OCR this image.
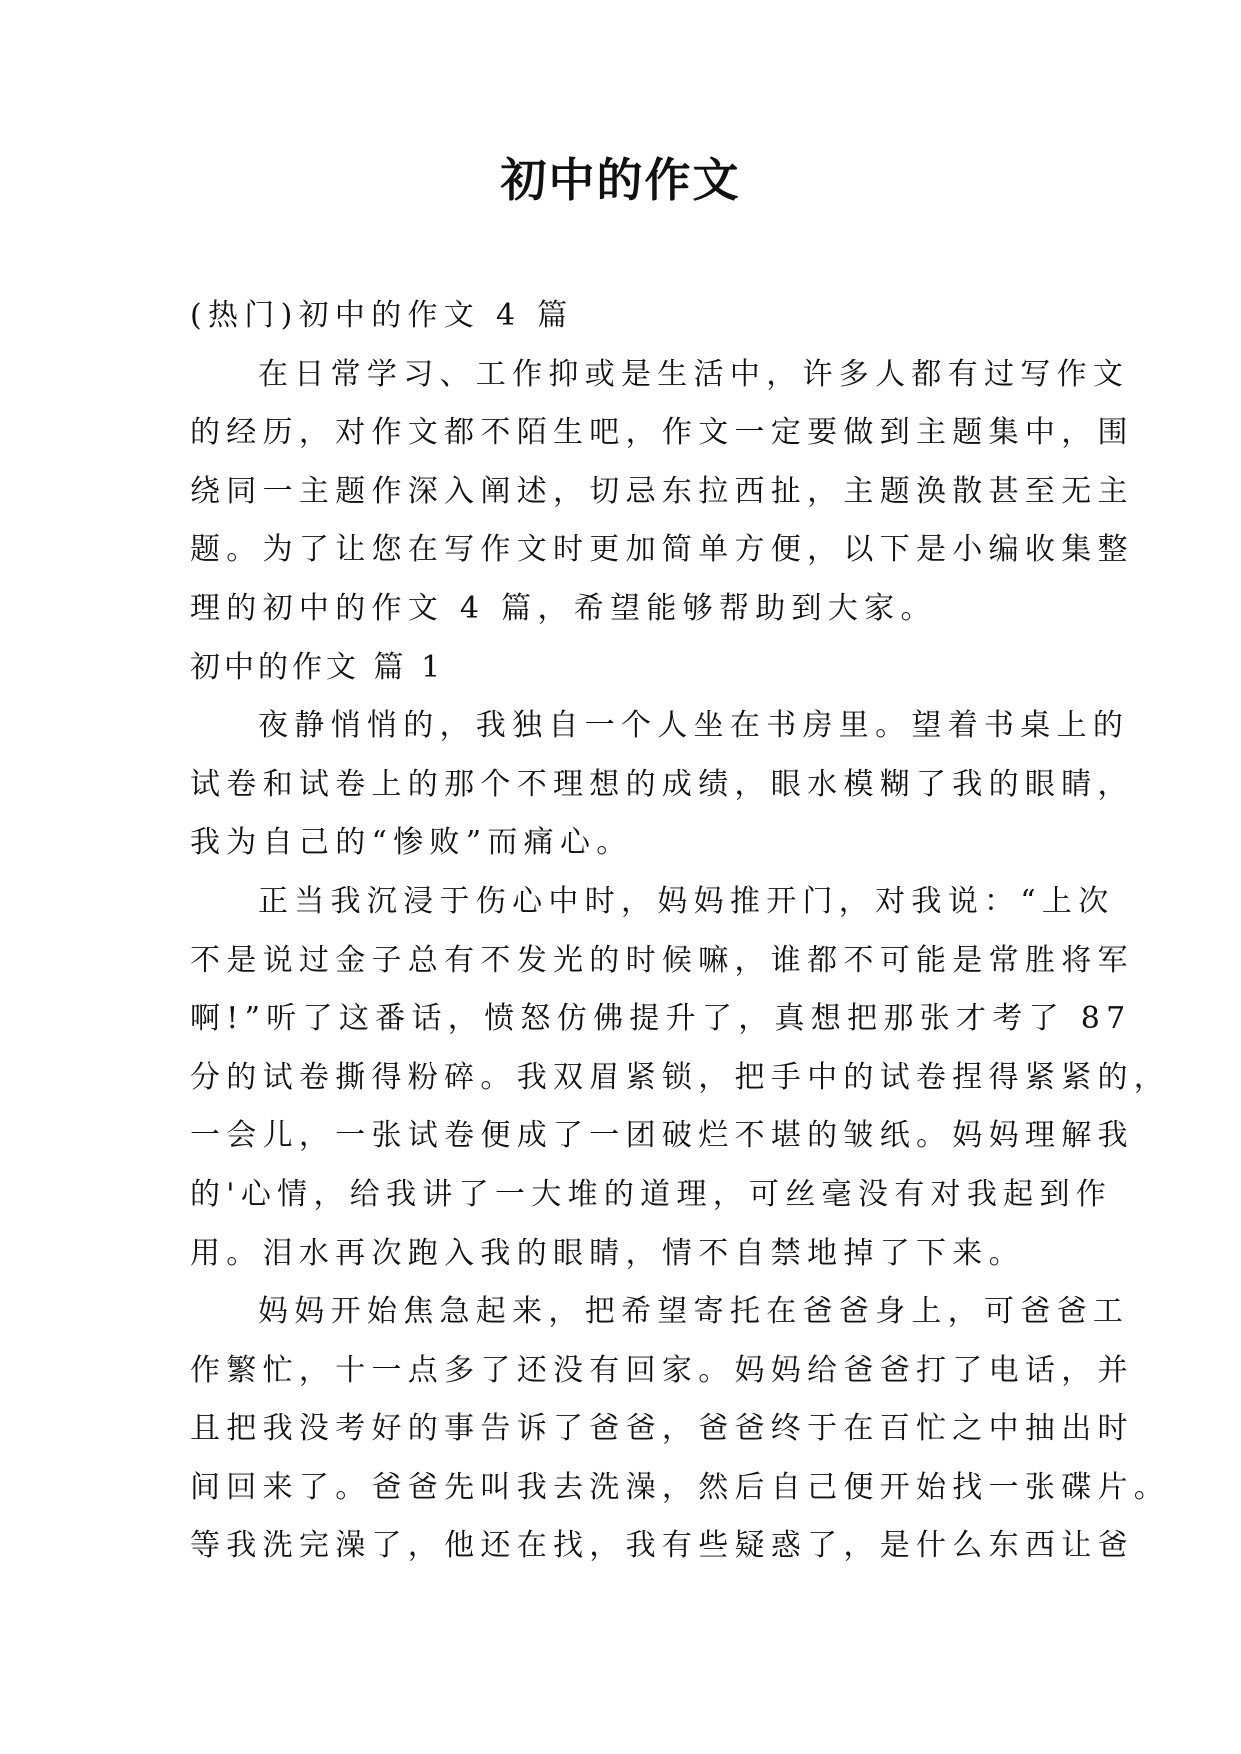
初中的作文
(热门)初中的作文 4 篇
在日常学习、工作抑或是生活中，许多人都有过写作文
的经历，对作文都不陌生吧，作文一定要做到主题集中，围
绕同一主题作深入阐述，切忌东拉西扯，主题涣散甚至无主
题。为了让您在写作文时更加简单方便，以下是小编收集整
理的初中的作文 4 篇，希望能够帮助到大家。
初中的作文 篇 1
夜静悄悄的，我独自一个人坐在书房里。望着书桌上的
试卷和试卷上的那个不理想的成绩，眼水模糊了我的眼睛，
我为自己的“惨败”而痛心。
正当我沉浸于伤心中时，妈妈推开门，对我说：“上次
不是说过金子总有不发光的时候嘛，谁都不可能是常胜将军
啊!”听了这番话，愤怒仿佛提升了，真想把那张才考了 87
分的试卷撕得粉碎。我双眉紧锁，把手中的试卷捏得紧紧的，
一会儿，一张试卷便成了一团破烂不堪的皱纸。妈妈理解我
的'心情，给我讲了一大堆的道理，可丝毫没有对我起到作
用。泪水再次跑入我的眼睛，情不自禁地掉了下来。
妈妈开始焦急起来，把希望寄托在爸爸身上，可爸爸工
作繁忙，十一点多了还没有回家。妈妈给爸爸打了电话，并
且把我没考好的事告诉了爸爸，爸爸终于在百忙之中抽出时
间回来了。爸爸先叫我去洗澡，然后自己便开始找一张碟片。
等我洗完澡了，他还在找，我有些疑惑了，是什么东西让爸
